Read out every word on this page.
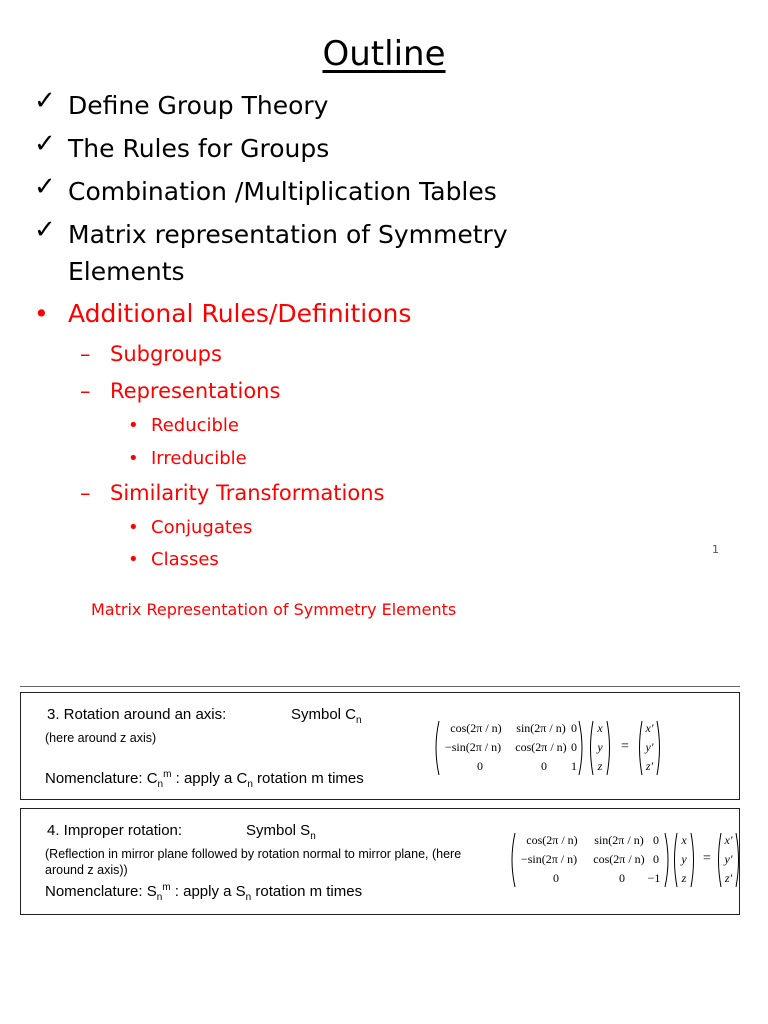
Outline
✓ Define Group Theory
✓ The Rules for Groups
✓ Combination /Multiplication Tables
✓ Matrix representation of Symmetry
Elements
• Additional Rules/Definitions
– Subgroups
– Representations
• Reducible
• Irreducible
– Similarity Transformations
• Conjugates
• Classes	1
Matrix Representation of Symmetry Elements
3. Rotation around an axis:	Symbol $C_n$
(here around z axis)
Nomenclature: $C_n^m$ : apply a $C_n$ rotation m times
cos(2π / n)	sin(2π / n) 0
−sin(2π / n)	cos(2π / n) 0
0	0	1
x
y
z
=
x′
y′
z′
4. Improper rotation:	Symbol $S_n$
(Reflection in mirror plane followed by rotation normal to mirror plane, (here
around z axis))
Nomenclature: $S_n^m$ : apply a $S_n$ rotation m times
cos(2π / n)	sin(2π / n) 0
−sin(2π / n)	cos(2π / n) 0
0	0	−1
x
y
z
=
x′
y′
z′
